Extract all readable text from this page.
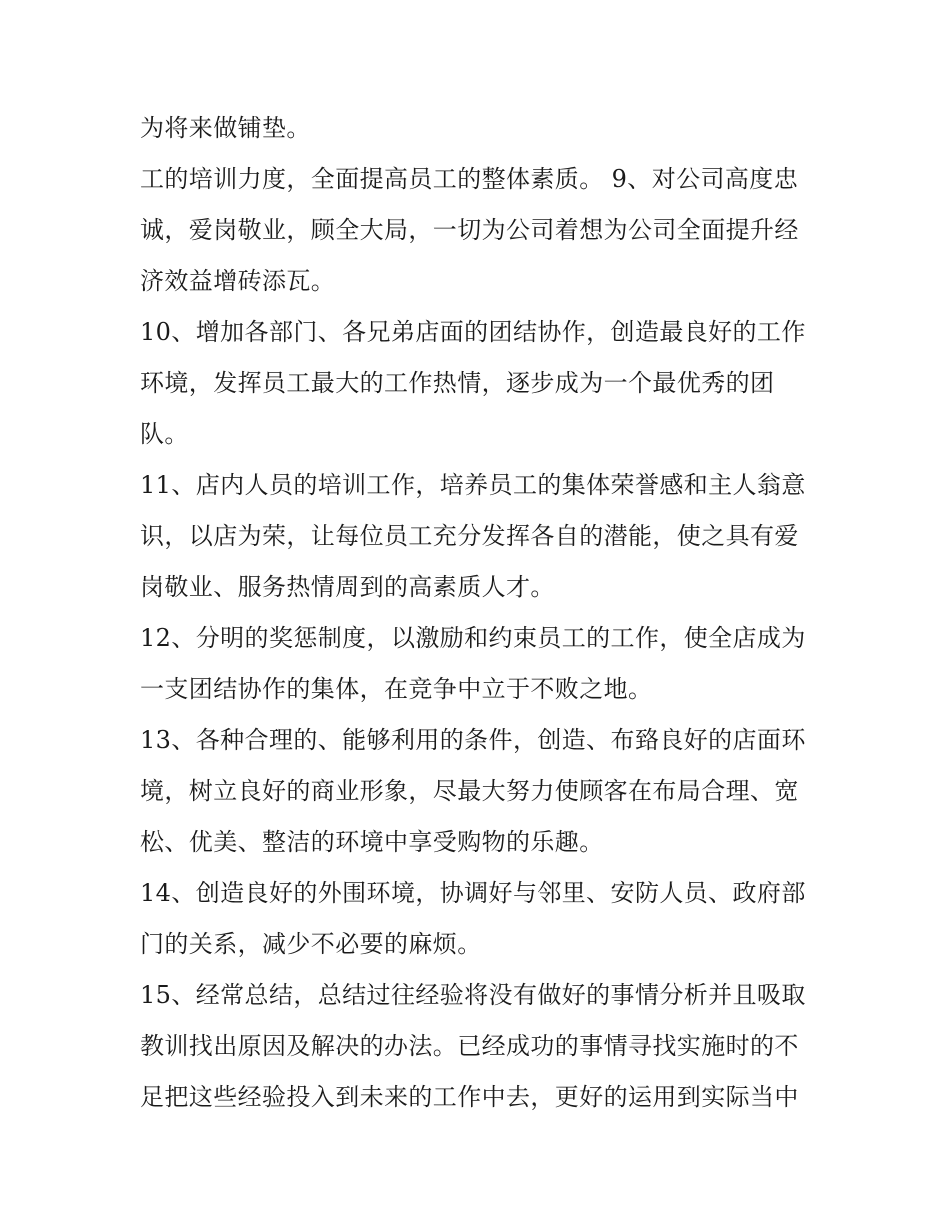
为将来做铺垫。

工的培训力度，全面提高员工的整体素质。 9、对公司高度忠
诚，爱岗敬业，顾全大局，一切为公司着想为公司全面提升经
济效益增砖添瓦。

10、增加各部门、各兄弟店面的团结协作，创造最良好的工作
环境，发挥员工最大的工作热情，逐步成为一个最优秀的团
队。

11、店内人员的培训工作，培养员工的集体荣誉感和主人翁意
识，以店为荣，让每位员工充分发挥各自的潜能，使之具有爱
岗敬业、服务热情周到的高素质人才。

12、分明的奖惩制度，以激励和约束员工的工作，使全店成为
一支团结协作的集体，在竞争中立于不败之地。

13、各种合理的、能够利用的条件，创造、布臵良好的店面环
境，树立良好的商业形象，尽最大努力使顾客在布局合理、宽
松、优美、整洁的环境中享受购物的乐趣。

14、创造良好的外围环境，协调好与邻里、安防人员、政府部
门的关系，减少不必要的麻烦。

15、经常总结，总结过往经验将没有做好的事情分析并且吸取
教训找出原因及解决的办法。已经成功的事情寻找实施时的不
足把这些经验投入到未来的工作中去，更好的运用到实际当中
